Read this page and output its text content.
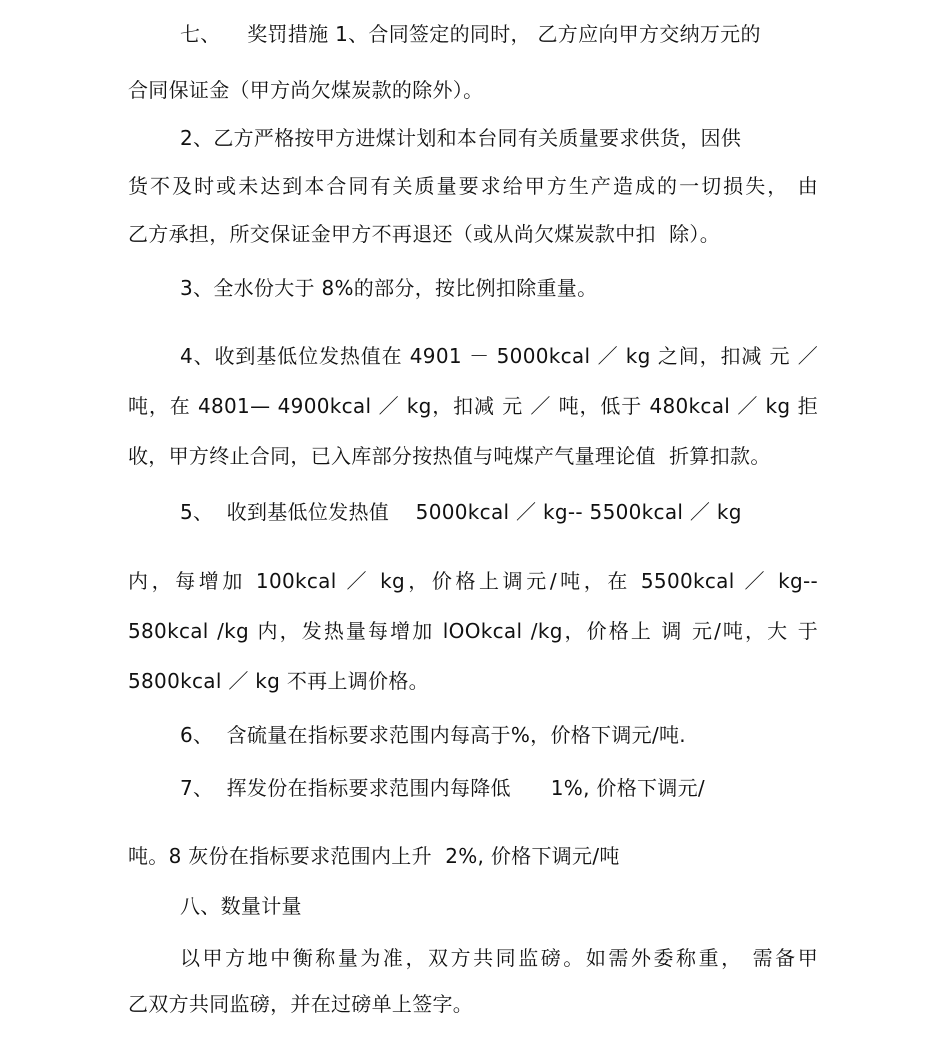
七、    奖罚措施 1、合同签定的同时， 乙方应向甲方交纳万元的
合同保证金（甲方尚欠煤炭款的除外）。
2、乙方严格按甲方进煤计划和本台同有关质量要求供货，因供
货不及时或未达到本合同有关质量要求给甲方生产造成的一切损失， 由
乙方承担，所交保证金甲方不再退还（或从尚欠煤炭款中扣  除）。
3、全水份大于 8%的部分，按比例扣除重量。
4、收到基低位发热值在 4901 － 5000kcal ／ kg 之间，扣减 元 ／
吨，在 4801— 4900kcal ／ kg，扣减 元 ／ 吨，低于 480kcal ／ kg 拒
收，甲方终止合同，已入库部分按热值与吨煤产气量理论值  折算扣款。
5、  收到基低位发热值    5000kcal ／ kg-- 5500kcal ／ kg
内，每增加 100kcal ／ kg，价格上调元/吨，在 5500kcal ／ kg--
580kcal /kg 内，发热量每增加 lOOkcal /kg，价格上 调 元/吨，大 于
5800kcal ／ kg 不再上调价格。
6、  含硫量在指标要求范围内每高于%，价格下调元/吨.
7、  挥发份在指标要求范围内每降低      1%, 价格下调元/
吨。8 灰份在指标要求范围内上升  2%, 价格下调元/吨
八、数量计量
以甲方地中衡称量为准，双方共同监磅。如需外委称重， 需备甲
乙双方共同监磅，并在过磅单上签字。
